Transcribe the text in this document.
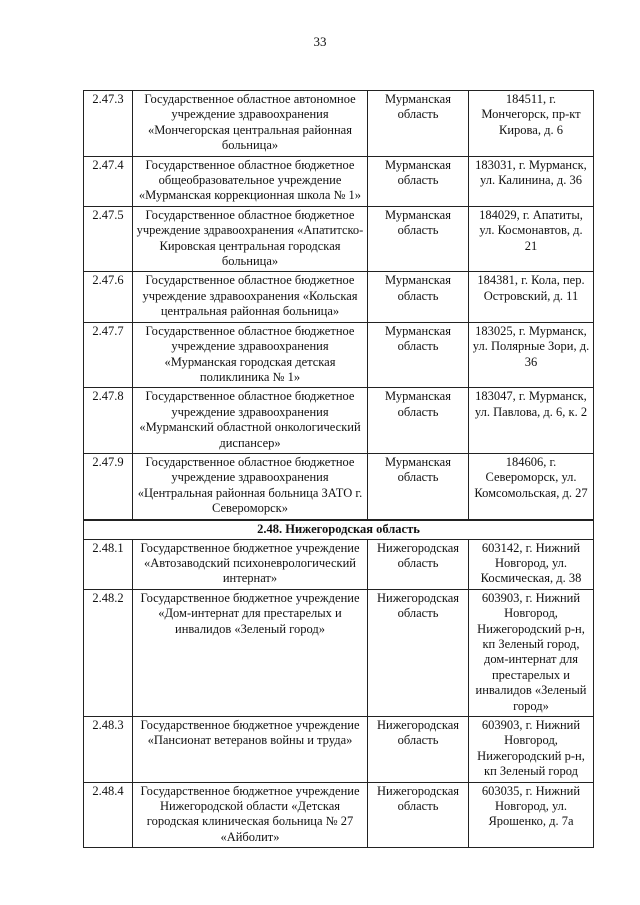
33
2.47.3	Государственное областное автономное учреждение здравоохранения «Мончегорская центральная районная больница»	Мурманская область	184511, г. Мончегорск, пр-кт Кирова, д. 6
2.47.4	Государственное областное бюджетное общеобразовательное учреждение «Мурманская коррекционная школа № 1»	Мурманская область	183031, г. Мурманск, ул. Калинина, д. 36
2.47.5	Государственное областное бюджетное учреждение здравоохранения «Апатитско-Кировская центральная городская больница»	Мурманская область	184029, г. Апатиты, ул. Космонавтов, д. 21
2.47.6	Государственное областное бюджетное учреждение здравоохранения «Кольская центральная районная больница»	Мурманская область	184381, г. Кола, пер. Островский, д. 11
2.47.7	Государственное областное бюджетное учреждение здравоохранения «Мурманская городская детская поликлиника № 1»	Мурманская область	183025, г. Мурманск, ул. Полярные Зори, д. 36
2.47.8	Государственное областное бюджетное учреждение здравоохранения «Мурманский областной онкологический диспансер»	Мурманская область	183047, г. Мурманск, ул. Павлова, д. 6, к. 2
2.47.9	Государственное областное бюджетное учреждение здравоохранения «Центральная районная больница ЗАТО г. Североморск»	Мурманская область	184606, г. Североморск, ул. Комсомольская, д. 27
2.48. Нижегородская область			
2.48.1	Государственное бюджетное учреждение «Автозаводский психоневрологический интернат»	Нижегородская область	603142, г. Нижний Новгород, ул. Космическая, д. 38
2.48.2	Государственное бюджетное учреждение «Дом-интернат для престарелых и инвалидов «Зеленый город»	Нижегородская область	603903, г. Нижний Новгород, Нижегородский р-н, кп Зеленый город, дом-интернат для престарелых и инвалидов «Зеленый город»
2.48.3	Государственное бюджетное учреждение «Пансионат ветеранов войны и труда»	Нижегородская область	603903, г. Нижний Новгород, Нижегородский р-н, кп Зеленый город
2.48.4	Государственное бюджетное учреждение Нижегородской области «Детская городская клиническая больница № 27 «Айболит»	Нижегородская область	603035, г. Нижний Новгород, ул. Ярошенко, д. 7а
